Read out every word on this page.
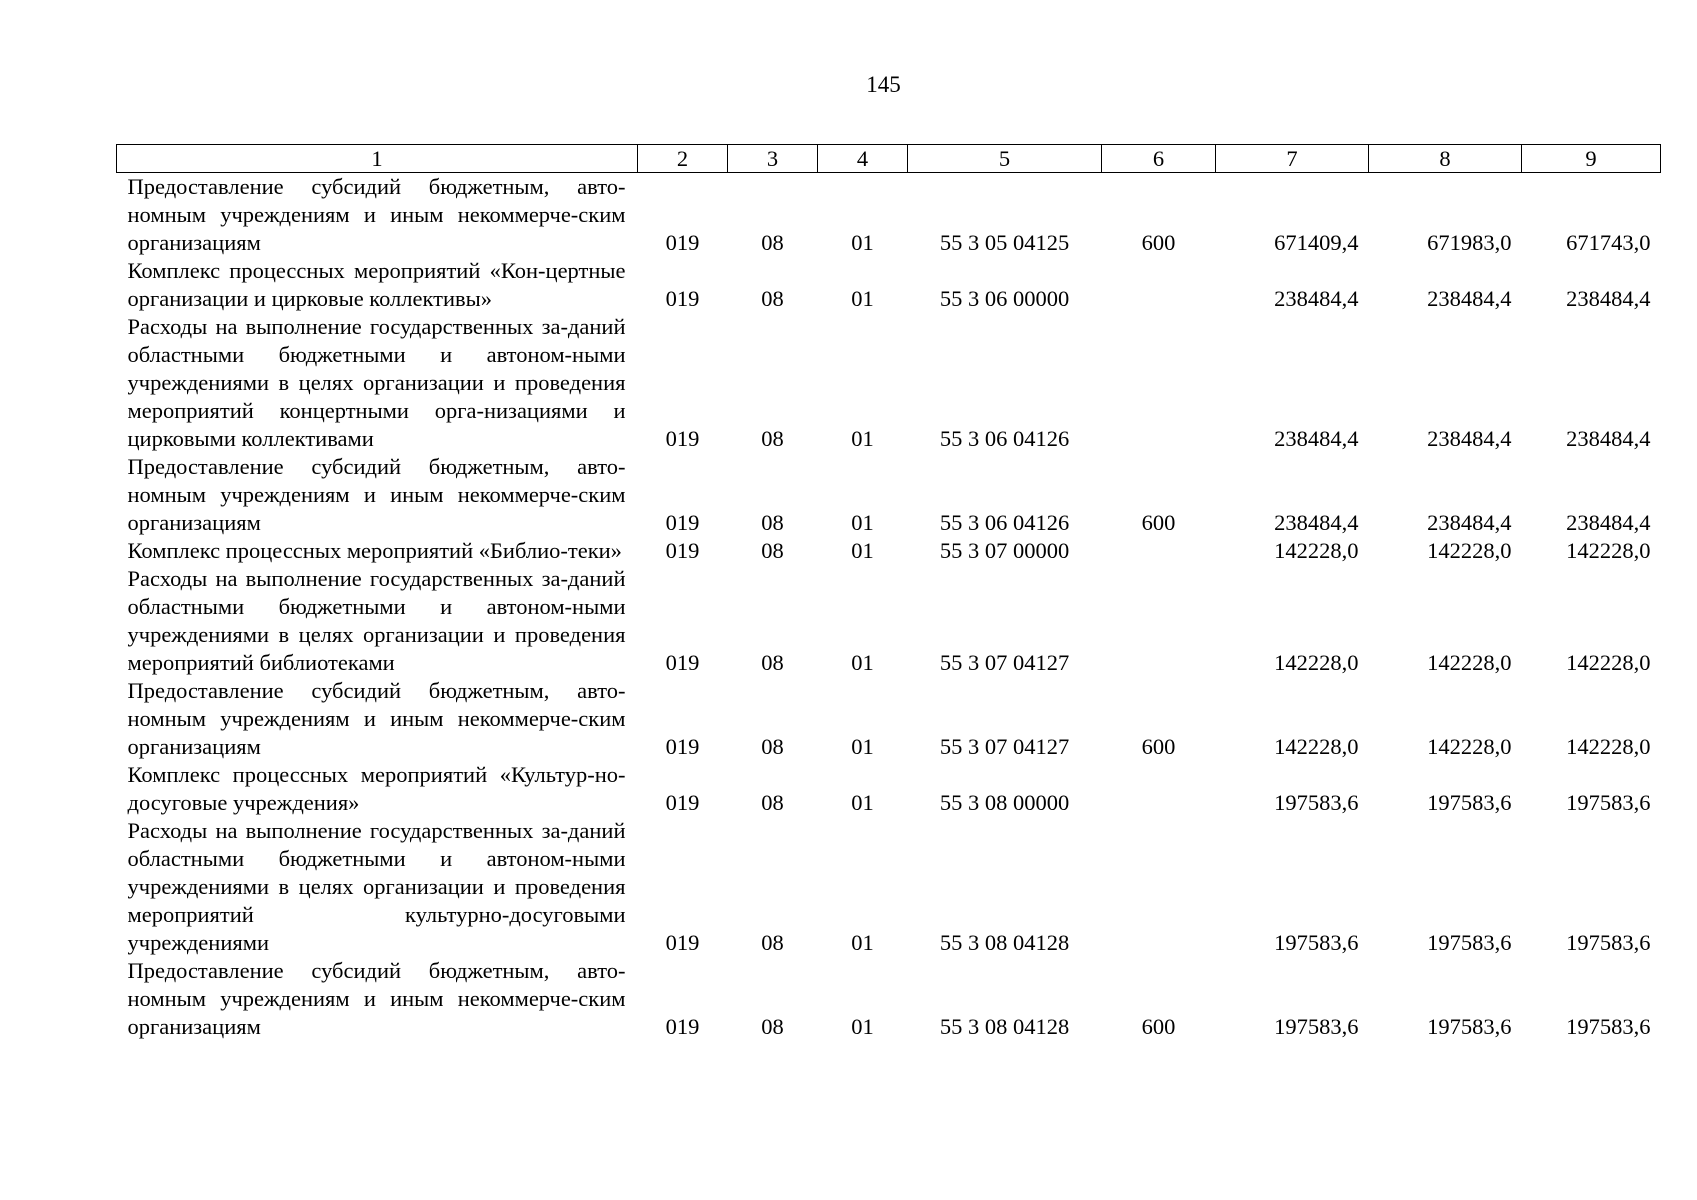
145
1	2	3	4	5	6	7	8	9
Предоставление субсидий бюджетным, авто-номным учреждениям и иным некоммерче-ским организациям	019	08	01	55 3 05 04125	600	671409,4	671983,0	671743,0
Комплекс процессных мероприятий «Кон-цертные организации и цирковые коллективы»	019	08	01	55 3 06 00000		238484,4	238484,4	238484,4
Расходы на выполнение государственных за-даний областными бюджетными и автоном-ными учреждениями в целях организации и проведения мероприятий концертными орга-низациями и цирковыми коллективами	019	08	01	55 3 06 04126		238484,4	238484,4	238484,4
Предоставление субсидий бюджетным, авто-номным учреждениям и иным некоммерче-ским организациям	019	08	01	55 3 06 04126	600	238484,4	238484,4	238484,4
Комплекс процессных мероприятий «Библио-теки»	019	08	01	55 3 07 00000		142228,0	142228,0	142228,0
Расходы на выполнение государственных за-даний областными бюджетными и автоном-ными учреждениями в целях организации и проведения мероприятий библиотеками	019	08	01	55 3 07 04127		142228,0	142228,0	142228,0
Предоставление субсидий бюджетным, авто-номным учреждениям и иным некоммерче-ским организациям	019	08	01	55 3 07 04127	600	142228,0	142228,0	142228,0
Комплекс процессных мероприятий «Культур-но-досуговые учреждения»	019	08	01	55 3 08 00000		197583,6	197583,6	197583,6
Расходы на выполнение государственных за-даний областными бюджетными и автоном-ными учреждениями в целях организации и проведения мероприятий культурно-досуговыми учреждениями	019	08	01	55 3 08 04128		197583,6	197583,6	197583,6
Предоставление субсидий бюджетным, авто-номным учреждениям и иным некоммерче-ским организациям	019	08	01	55 3 08 04128	600	197583,6	197583,6	197583,6
